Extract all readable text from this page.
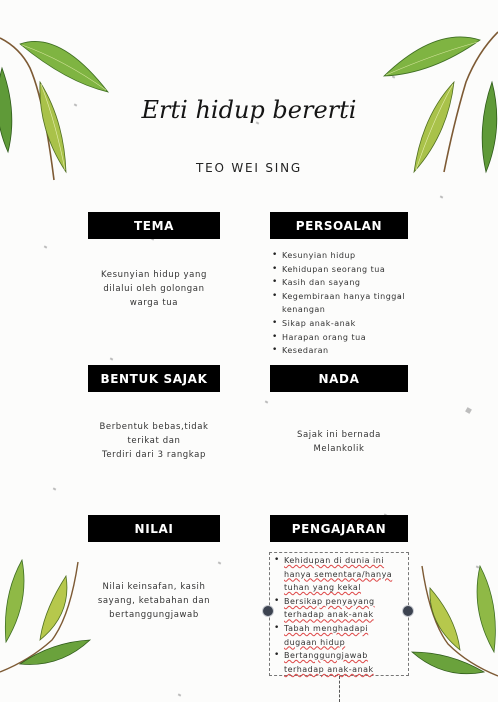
Erti hidup bererti
TEO WEI SING
TEMA
Kesunyian hidup yang
dilalui oleh golongan
warga tua
PERSOALAN
• Kesunyian hidup
• Kehidupan seorang tua
• Kasih dan sayang
• Kegembiraan hanya tinggal kenangan
• Sikap anak-anak
• Harapan orang tua
• Kesedaran
BENTUK SAJAK
Berbentuk bebas,tidak
terikat dan
Terdiri dari 3 rangkap
NADA
Sajak ini bernada
Melankolik
NILAI
Nilai keinsafan, kasih
sayang, ketabahan dan
bertanggungjawab
PENGAJARAN
• Kehidupan di dunia ini
hanya sementara/hanya
tuhan yang kekal
• Bersikap penyayang
terhadap anak-anak
• Tabah menghadapi
dugaan hidup
• Bertanggungjawab
terhadap anak-anak
